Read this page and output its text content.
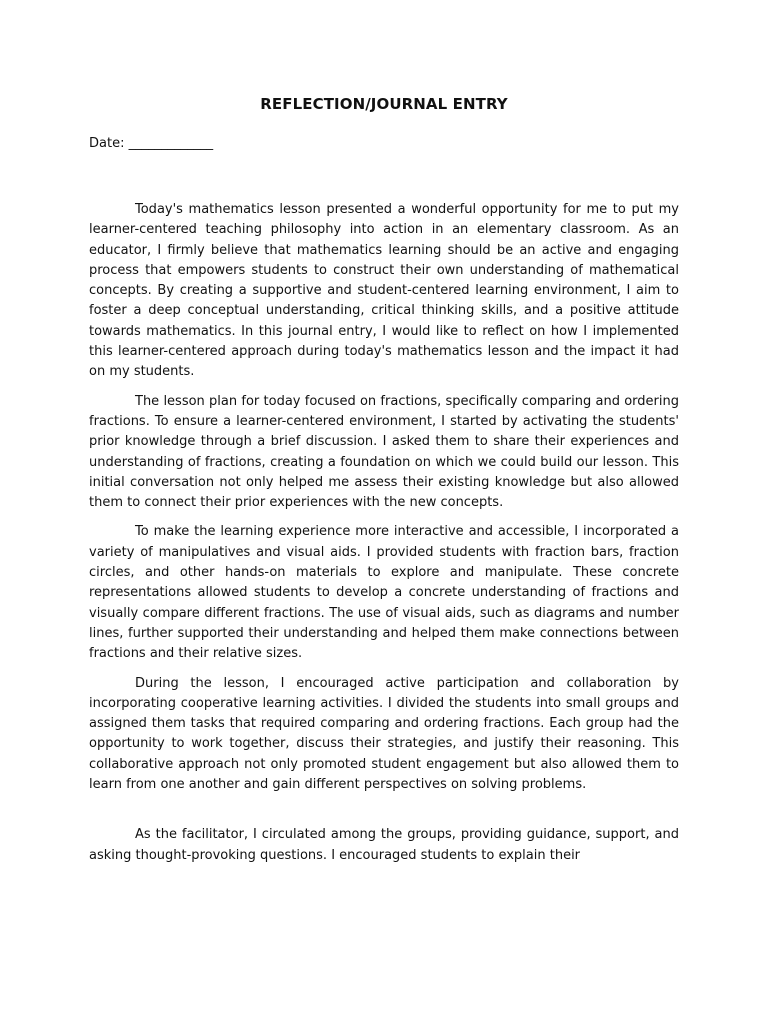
REFLECTION/JOURNAL ENTRY
Date: _____________

Today's mathematics lesson presented a wonderful opportunity for me to put my learner-centered teaching philosophy into action in an elementary classroom. As an educator, I firmly believe that mathematics learning should be an active and engaging process that empowers students to construct their own understanding of mathematical concepts. By creating a supportive and student-centered learning environment, I aim to foster a deep conceptual understanding, critical thinking skills, and a positive attitude towards mathematics. In this journal entry, I would like to reflect on how I implemented this learner-centered approach during today's mathematics lesson and the impact it had on my students.

The lesson plan for today focused on fractions, specifically comparing and ordering fractions. To ensure a learner-centered environment, I started by activating the students' prior knowledge through a brief discussion. I asked them to share their experiences and understanding of fractions, creating a foundation on which we could build our lesson. This initial conversation not only helped me assess their existing knowledge but also allowed them to connect their prior experiences with the new concepts.

To make the learning experience more interactive and accessible, I incorporated a variety of manipulatives and visual aids. I provided students with fraction bars, fraction circles, and other hands-on materials to explore and manipulate. These concrete representations allowed students to develop a concrete understanding of fractions and visually compare different fractions. The use of visual aids, such as diagrams and number lines, further supported their understanding and helped them make connections between fractions and their relative sizes.

During the lesson, I encouraged active participation and collaboration by incorporating cooperative learning activities. I divided the students into small groups and assigned them tasks that required comparing and ordering fractions. Each group had the opportunity to work together, discuss their strategies, and justify their reasoning. This collaborative approach not only promoted student engagement but also allowed them to learn from one another and gain different perspectives on solving problems.

As the facilitator, I circulated among the groups, providing guidance, support, and asking thought-provoking questions. I encouraged students to explain their
